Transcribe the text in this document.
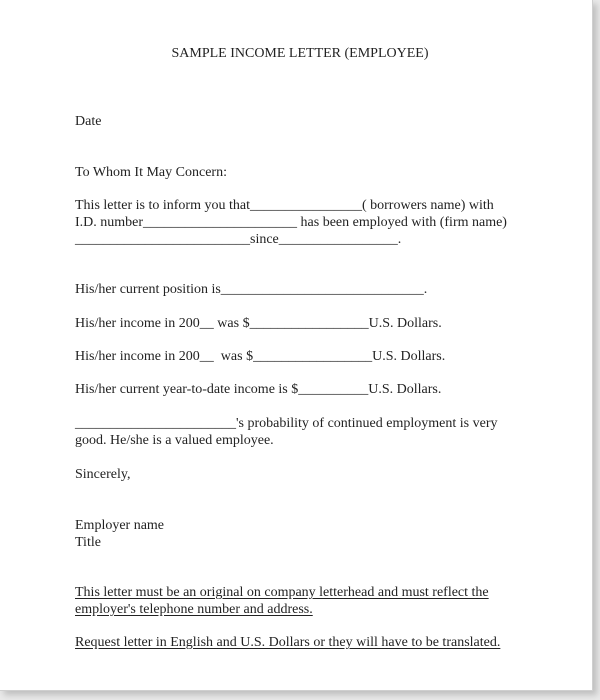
SAMPLE INCOME LETTER (EMPLOYEE)
Date
To Whom It May Concern:
This letter is to inform you that________________( borrowers name) with
I.D. number______________________ has been employed with (firm name)
_________________________since_________________.
His/her current position is_____________________________.
His/her income in 200__ was $_________________U.S. Dollars.
His/her income in 200__  was $_________________U.S. Dollars.
His/her current year-to-date income is $__________U.S. Dollars.
_______________________'s probability of continued employment is very
good. He/she is a valued employee.
Sincerely,
Employer name
Title
This letter must be an original on company letterhead and must reflect the
employer's telephone number and address.
Request letter in English and U.S. Dollars or they will have to be translated.
